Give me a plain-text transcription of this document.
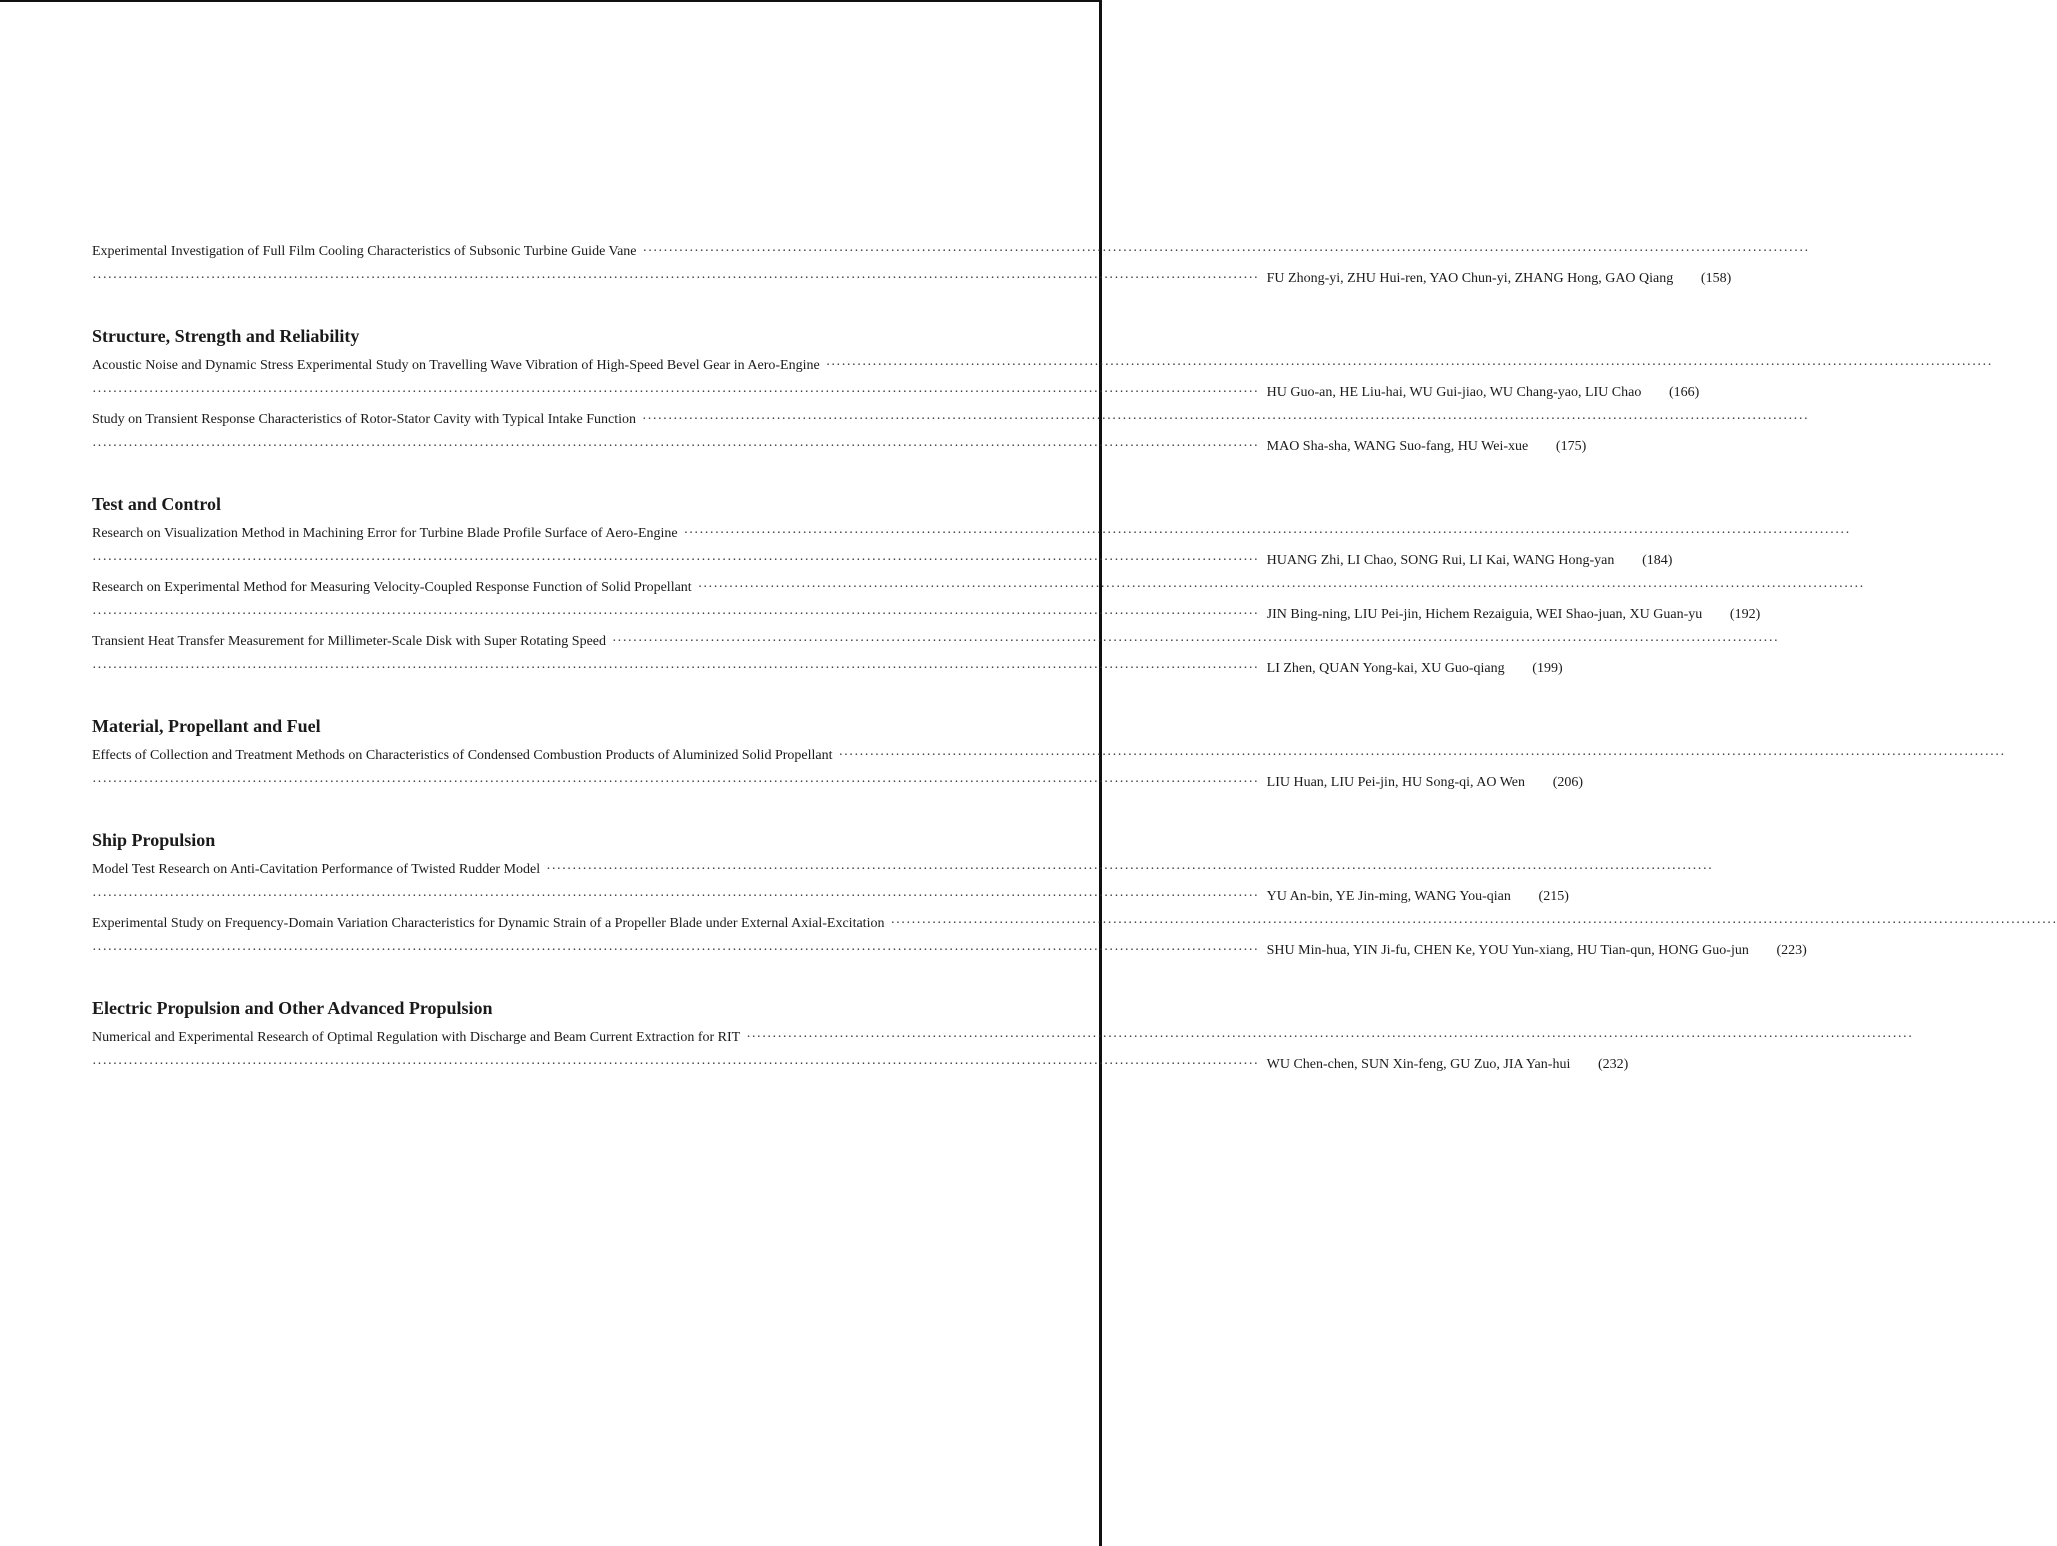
Experimental Investigation of Full Film Cooling Characteristics of Subsonic Turbine Guide Vane ··································································································································································································································
·································································································································································································································· FU Zhong-yi, ZHU Hui-ren, YAO Chun-yi, ZHANG Hong, GAO Qiang	(158)
Structure, Strength and Reliability
Acoustic Noise and Dynamic Stress Experimental Study on Travelling Wave Vibration of High-Speed Bevel Gear in Aero-Engine ··································································································································································································································
·································································································································································································································· HU Guo-an, HE Liu-hai, WU Gui-jiao, WU Chang-yao, LIU Chao	(166)
Study on Transient Response Characteristics of Rotor-Stator Cavity with Typical Intake Function ··································································································································································································································
·································································································································································································································· MAO Sha-sha, WANG Suo-fang, HU Wei-xue	(175)
Test and Control
Research on Visualization Method in Machining Error for Turbine Blade Profile Surface of Aero-Engine ··································································································································································································································
·································································································································································································································· HUANG Zhi, LI Chao, SONG Rui, LI Kai, WANG Hong-yan	(184)
Research on Experimental Method for Measuring Velocity-Coupled Response Function of Solid Propellant ··································································································································································································································
·································································································································································································································· JIN Bing-ning, LIU Pei-jin, Hichem Rezaiguia, WEI Shao-juan, XU Guan-yu	(192)
Transient Heat Transfer Measurement for Millimeter-Scale Disk with Super Rotating Speed ··································································································································································································································
·································································································································································································································· LI Zhen, QUAN Yong-kai, XU Guo-qiang	(199)
Material, Propellant and Fuel
Effects of Collection and Treatment Methods on Characteristics of Condensed Combustion Products of Aluminized Solid Propellant ··································································································································································································································
·································································································································································································································· LIU Huan, LIU Pei-jin, HU Song-qi, AO Wen	(206)
Ship Propulsion
Model Test Research on Anti-Cavitation Performance of Twisted Rudder Model ··································································································································································································································
·································································································································································································································· YU An-bin, YE Jin-ming, WANG You-qian	(215)
Experimental Study on Frequency-Domain Variation Characteristics for Dynamic Strain of a Propeller Blade under External Axial-Excitation ··································································································································································································································
·································································································································································································································· SHU Min-hua, YIN Ji-fu, CHEN Ke, YOU Yun-xiang, HU Tian-qun, HONG Guo-jun	(223)
Electric Propulsion and Other Advanced Propulsion
Numerical and Experimental Research of Optimal Regulation with Discharge and Beam Current Extraction for RIT ··································································································································································································································
·································································································································································································································· WU Chen-chen, SUN Xin-feng, GU Zuo, JIA Yan-hui	(232)
